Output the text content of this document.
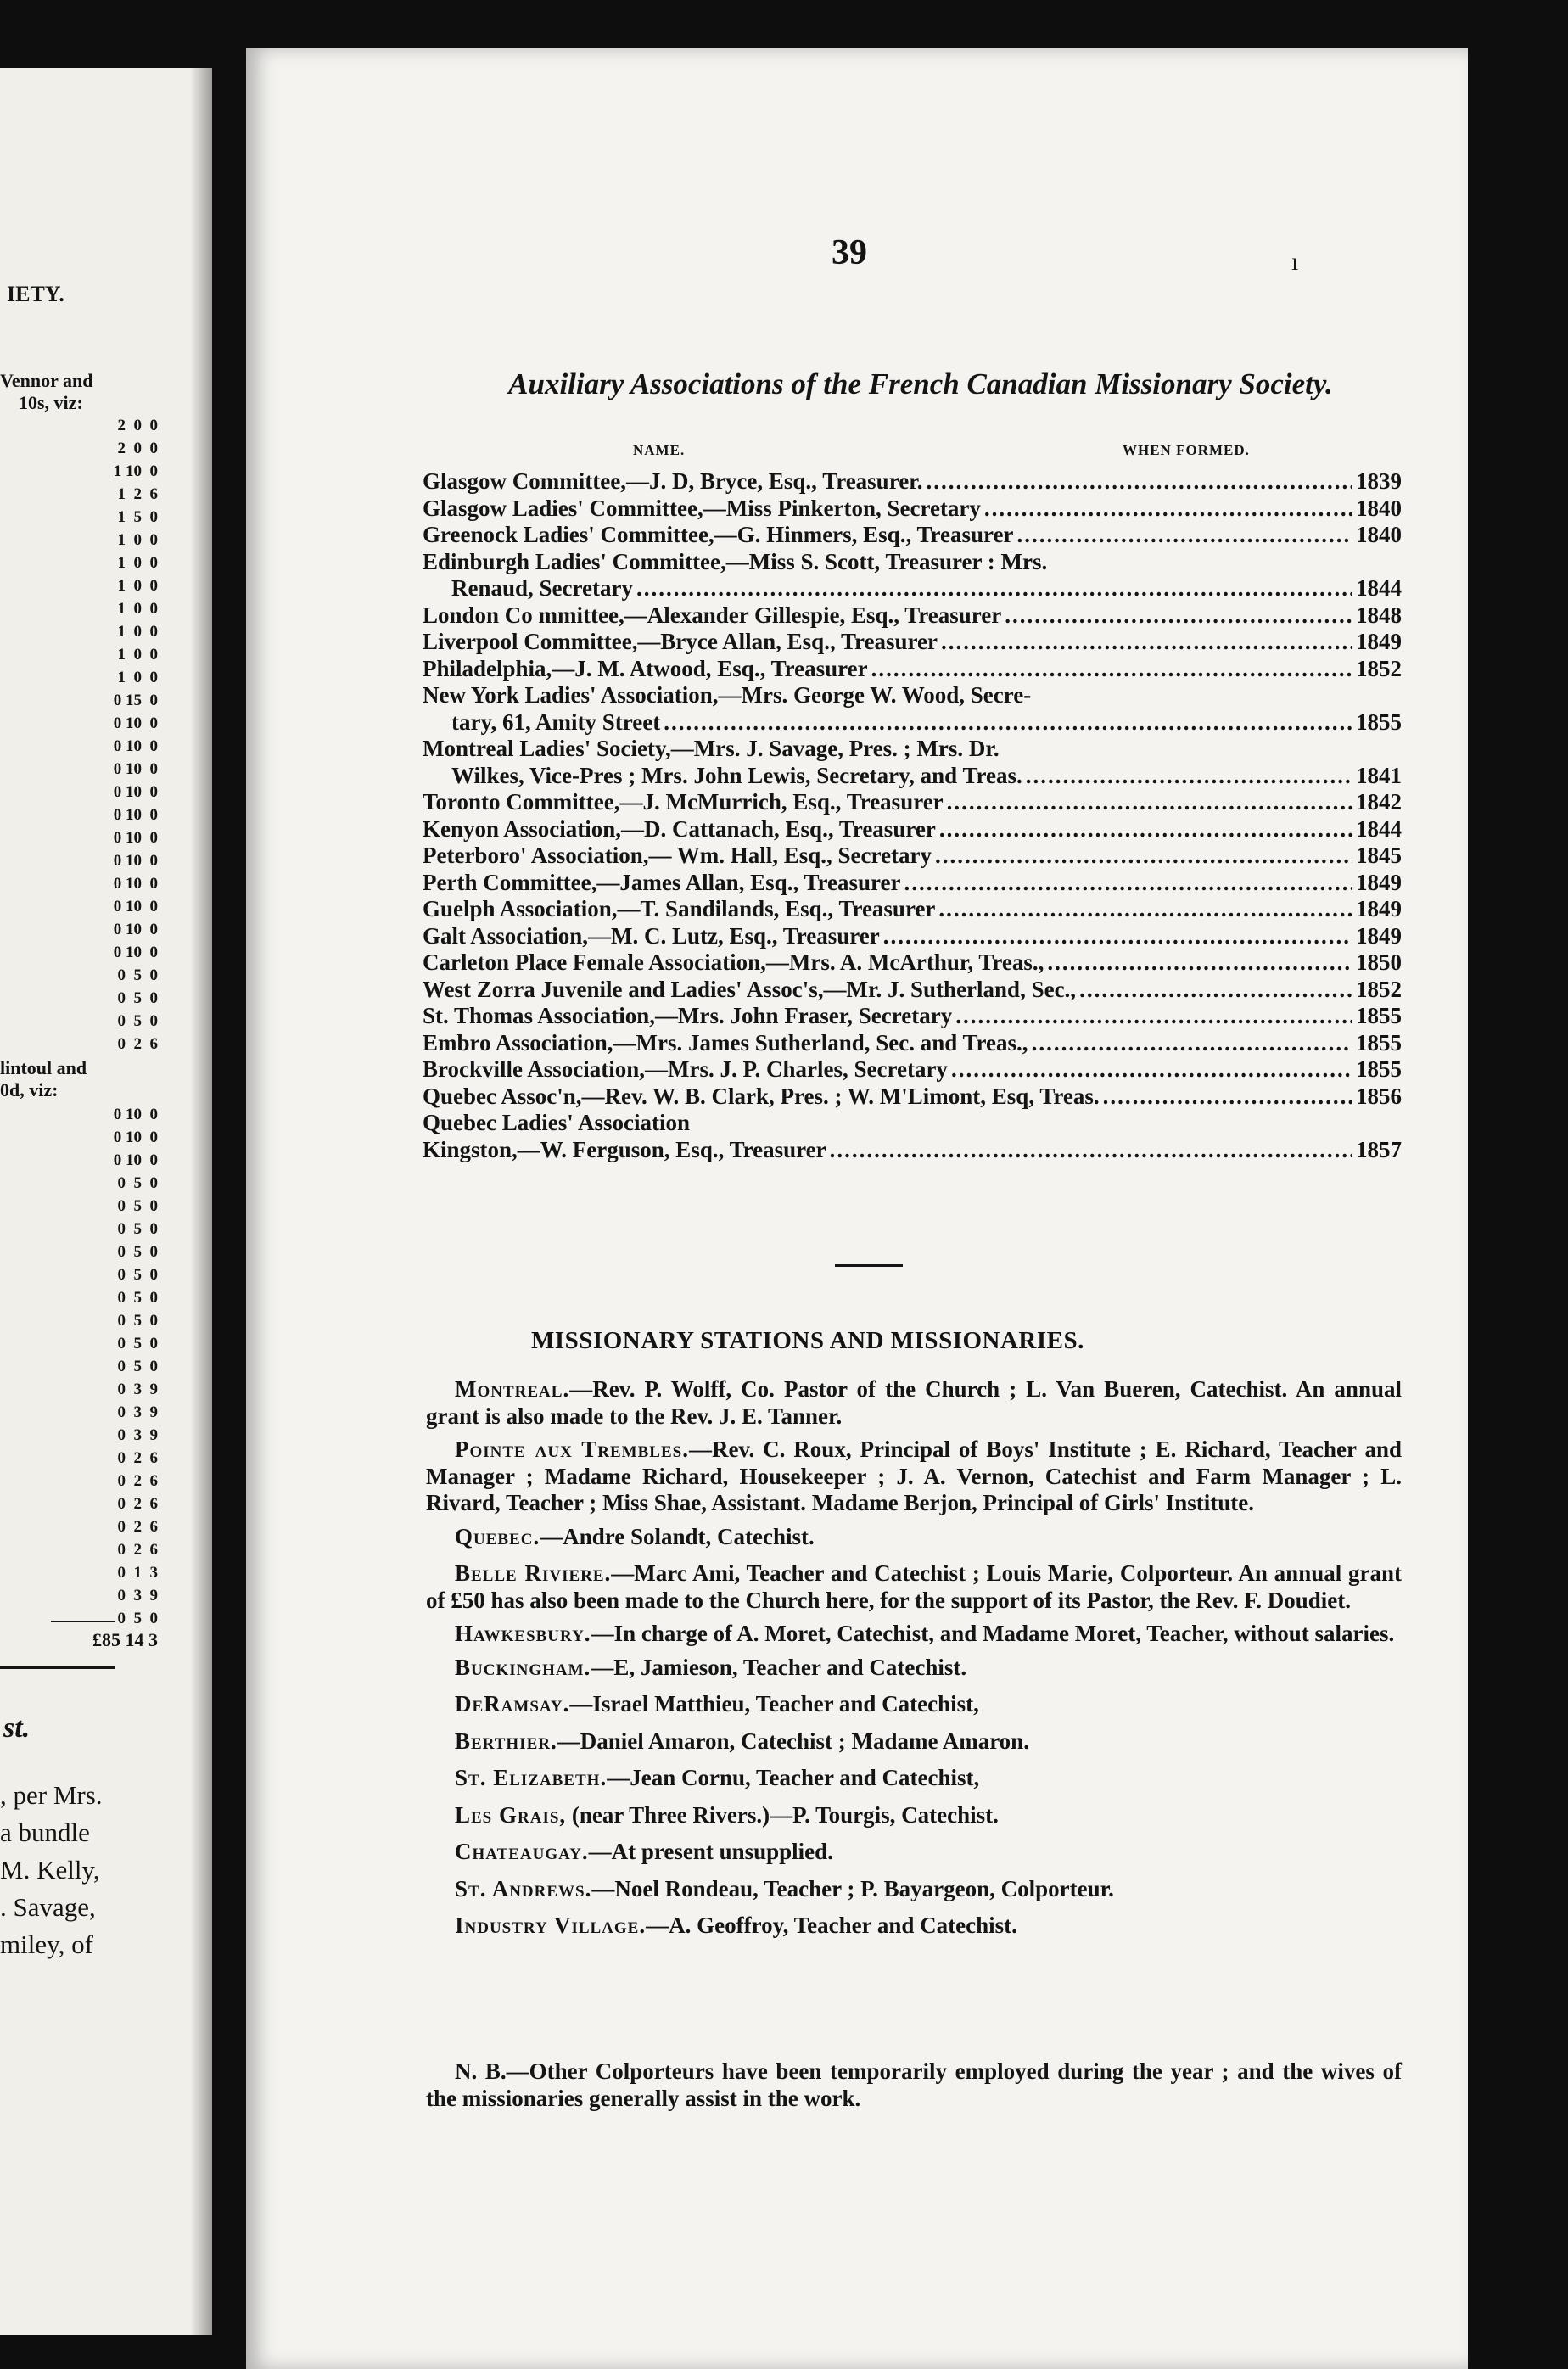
IETY.
Vennor and
10s, viz:
2  0  0
2  0  0
1 10  0
1  2  6
1  5  0
1  0  0
1  0  0
1  0  0
1  0  0
1  0  0
1  0  0
1  0  0
0 15  0
0 10  0
0 10  0
0 10  0
0 10  0
0 10  0
0 10  0
0 10  0
0 10  0
0 10  0
0 10  0
0 10  0
0  5  0
0  5  0
0  5  0
0  2  6
lintoul and
0d, viz:
0 10  0
0 10  0
0 10  0
0  5  0
0  5  0
0  5  0
0  5  0
0  5  0
0  5  0
0  5  0
0  5  0
0  5  0
0  3  9
0  3  9
0  3  9
0  2  6
0  2  6
0  2  6
0  2  6
0  2  6
0  1  3
0  3  9
0  5  0
£85 14 3
st.
, per Mrs.
a bundle
M. Kelly,
. Savage,
miley, of
39	ı
Auxiliary Associations of the French Canadian Missionary Society.
NAME.	WHEN FORMED.
Glasgow Committee,—J. D, Bryce, Esq., Treasurer. .....	1839
Glasgow Ladies' Committee,—Miss Pinkerton, Secretary .....	1840
Greenock Ladies' Committee,—G. Hinmers, Esq., Treasurer .....	1840
Edinburgh Ladies' Committee,—Miss S. Scott, Treasurer : Mrs.
Renaud, Secretary .....	1844
London Co mmittee,—Alexander Gillespie, Esq., Treasurer .....	1848
Liverpool Committee,—Bryce Allan, Esq., Treasurer .....	1849
Philadelphia,—J. M. Atwood, Esq., Treasurer .....	1852
New York Ladies' Association,—Mrs. George W. Wood, Secre-
tary, 61, Amity Street .....	1855
Montreal Ladies' Society,—Mrs. J. Savage, Pres. ; Mrs. Dr.
Wilkes, Vice-Pres ; Mrs. John Lewis, Secretary, and Treas. .....	1841
Toronto Committee,—J. McMurrich, Esq., Treasurer .....	1842
Kenyon Association,—D. Cattanach, Esq., Treasurer .....	1844
Peterboro' Association,— Wm. Hall, Esq., Secretary .....	1845
Perth Committee,—James Allan, Esq., Treasurer .....	1849
Guelph Association,—T. Sandilands, Esq., Treasurer .....	1849
Galt Association,—M. C. Lutz, Esq., Treasurer .....	1849
Carleton Place Female Association,—Mrs. A. McArthur, Treas., .....	1850
West Zorra Juvenile and Ladies' Assoc's,—Mr. J. Sutherland, Sec., .....	1852
St. Thomas Association,—Mrs. John Fraser, Secretary .....	1855
Embro Association,—Mrs. James Sutherland, Sec. and Treas., .....	1855
Brockville Association,—Mrs. J. P. Charles, Secretary .....	1855
Quebec Assoc'n,—Rev. W. B. Clark, Pres. ; W. M'Limont, Esq, Treas. .....	1856
Quebec Ladies' Association
Kingston,—W. Ferguson, Esq., Treasurer .....	1857
MISSIONARY STATIONS AND MISSIONARIES.
Montreal.—Rev. P. Wolff, Co. Pastor of the Church ; L. Van Bueren, Catechist. An annual grant is also made to the Rev. J. E. Tanner.
Pointe aux Trembles.—Rev. C. Roux, Principal of Boys' Institute ; E. Richard, Teacher and Manager ; Madame Richard, Housekeeper ; J. A. Vernon, Catechist and Farm Manager ; L. Rivard, Teacher ; Miss Shae, Assistant. Madame Berjon, Principal of Girls' Institute.
Quebec.—Andre Solandt, Catechist.
Belle Riviere.—Marc Ami, Teacher and Catechist ; Louis Marie, Colporteur. An annual grant of £50 has also been made to the Church here, for the support of its Pastor, the Rev. F. Doudiet.
Hawkesbury.—In charge of A. Moret, Catechist, and Madame Moret, Teacher, without salaries.
Buckingham.—E, Jamieson, Teacher and Catechist.
DeRamsay.—Israel Matthieu, Teacher and Catechist,
Berthier.—Daniel Amaron, Catechist ; Madame Amaron.
St. Elizabeth.—Jean Cornu, Teacher and Catechist,
Les Grais, (near Three Rivers.)—P. Tourgis, Catechist.
Chateaugay.—At present unsupplied.
St. Andrews.—Noel Rondeau, Teacher ; P. Bayargeon, Colporteur.
Industry Village.—A. Geoffroy, Teacher and Catechist.
N. B.—Other Colporteurs have been temporarily employed during the year ; and the wives of the missionaries generally assist in the work.
